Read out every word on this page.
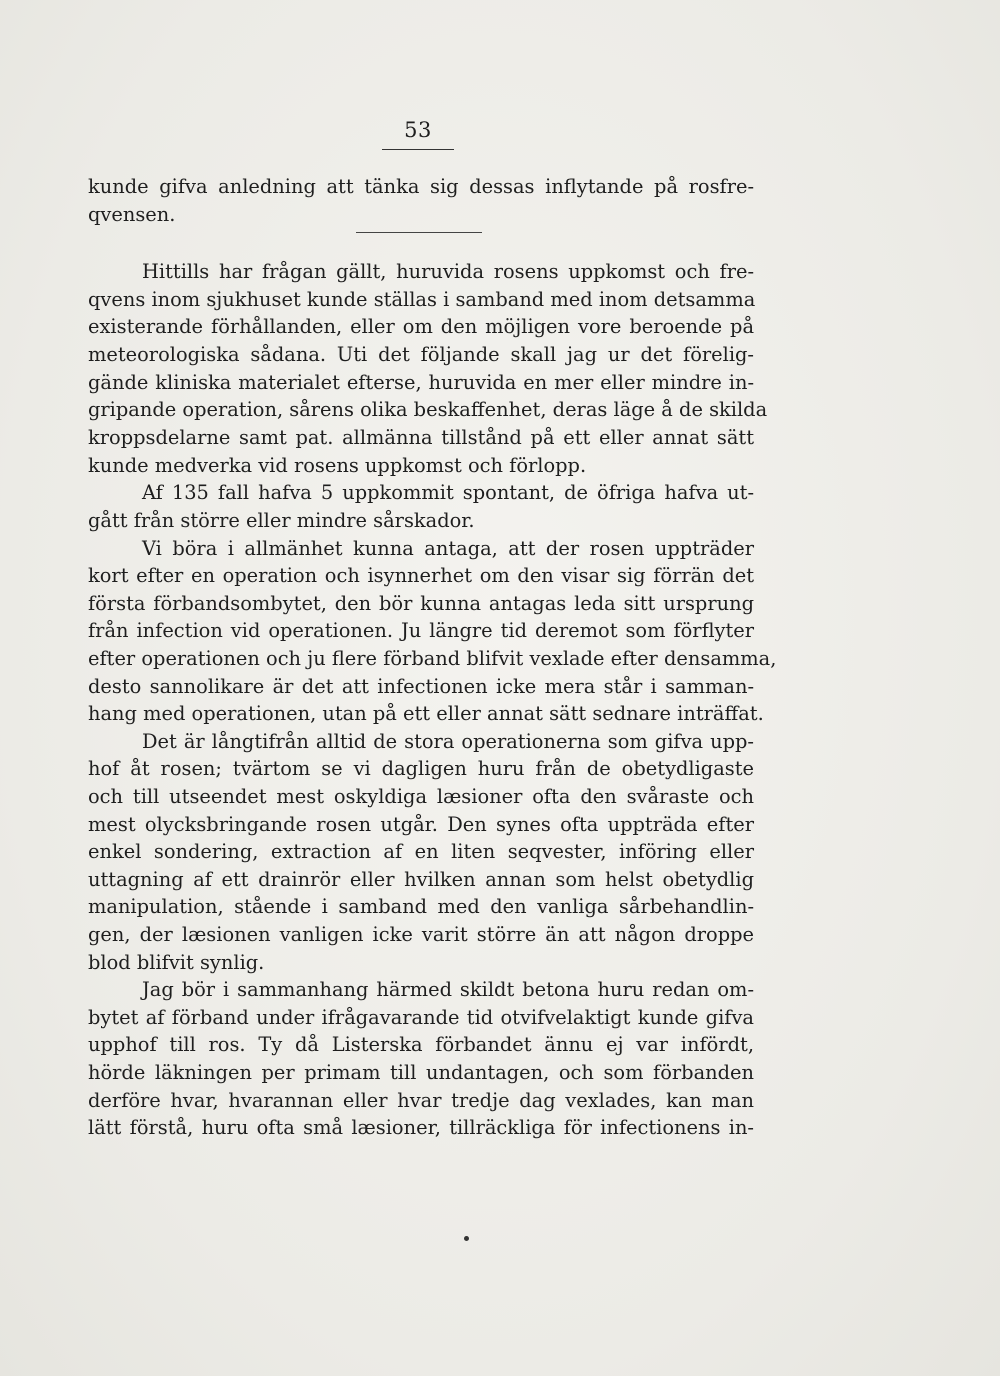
53
kunde gifva anledning att tänka sig dessas inflytande på rosfre-
qvensen.
Hittills har frågan gällt, huruvida rosens uppkomst och fre-
qvens inom sjukhuset kunde ställas i samband med inom detsamma
existerande förhållanden, eller om den möjligen vore beroende på
meteorologiska sådana. Uti det följande skall jag ur det förelig-
gände kliniska materialet efterse, huruvida en mer eller mindre in-
gripande operation, sårens olika beskaffenhet, deras läge å de skilda
kroppsdelarne samt pat. allmänna tillstånd på ett eller annat sätt
kunde medverka vid rosens uppkomst och förlopp.
Af 135 fall hafva 5 uppkommit spontant, de öfriga hafva ut-
gått från större eller mindre sårskador.
Vi böra i allmänhet kunna antaga, att der rosen uppträder
kort efter en operation och isynnerhet om den visar sig förrän det
första förbandsombytet, den bör kunna antagas leda sitt ursprung
från infection vid operationen. Ju längre tid deremot som förflyter
efter operationen och ju flere förband blifvit vexlade efter densamma,
desto sannolikare är det att infectionen icke mera står i samman-
hang med operationen, utan på ett eller annat sätt sednare inträffat.
Det är långtifrån alltid de stora operationerna som gifva upp-
hof åt rosen; tvärtom se vi dagligen huru från de obetydligaste
och till utseendet mest oskyldiga læsioner ofta den svåraste och
mest olycksbringande rosen utgår. Den synes ofta uppträda efter
enkel sondering, extraction af en liten seqvester, införing eller
uttagning af ett drainrör eller hvilken annan som helst obetydlig
manipulation, stående i samband med den vanliga sårbehandlin-
gen, der læsionen vanligen icke varit större än att någon droppe
blod blifvit synlig.
Jag bör i sammanhang härmed skildt betona huru redan om-
bytet af förband under ifrågavarande tid otvifvelaktigt kunde gifva
upphof till ros. Ty då Listerska förbandet ännu ej var infördt,
hörde läkningen per primam till undantagen, och som förbanden
derföre hvar, hvarannan eller hvar tredje dag vexlades, kan man
lätt förstå, huru ofta små læsioner, tillräckliga för infectionens in-
